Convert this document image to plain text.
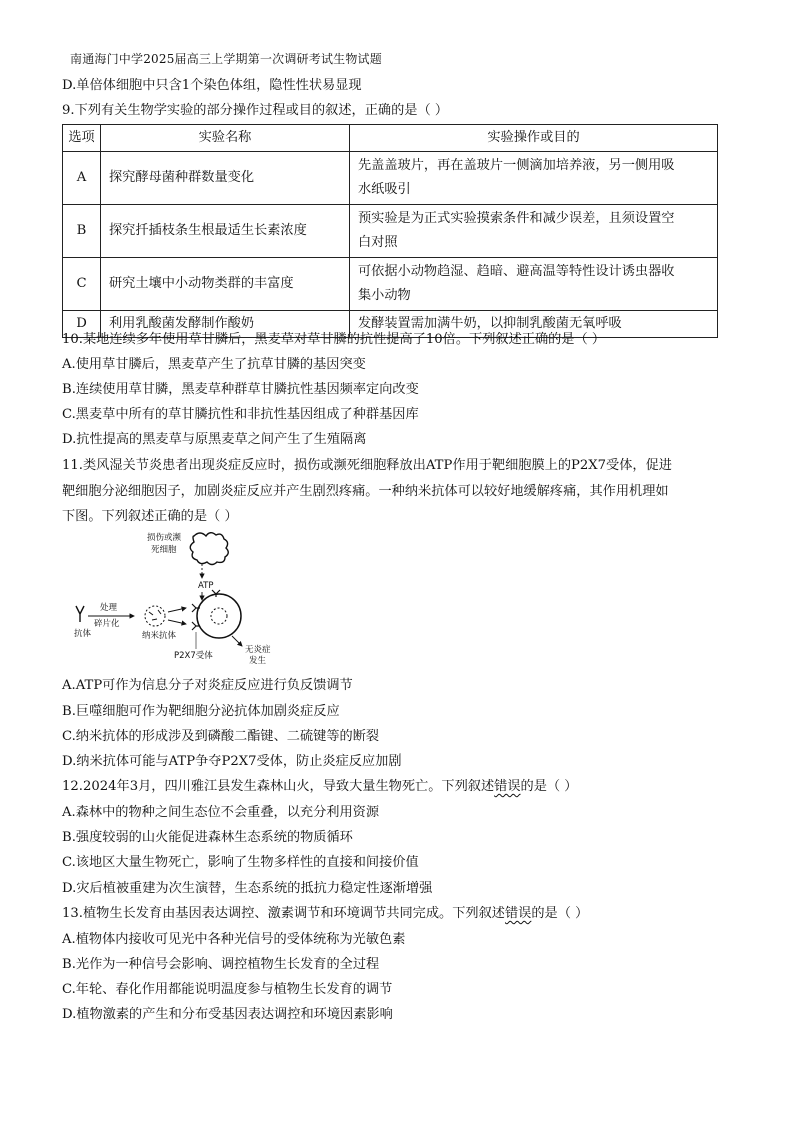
南通海门中学2025届高三上学期第一次调研考试生物试题
D.单倍体细胞中只含1个染色体组，隐性性状易显现
9.下列有关生物学实验的部分操作过程或目的叙述，正确的是（ ）
选项	实验名称	实验操作或目的
A	探究酵母菌种群数量变化	先盖盖玻片，再在盖玻片一侧滴加培养液，另一侧用吸
水纸吸引

B	探究扦插枝条生根最适生长素浓度	预实验是为正式实验摸索条件和减少误差，且须设置空
白对照

C	研究土壤中小动物类群的丰富度	可依据小动物趋湿、趋暗、避高温等特性设计诱虫器收
集小动物

D	利用乳酸菌发酵制作酸奶	发酵装置需加满牛奶，以抑制乳酸菌无氧呼吸
10.某地连续多年使用草甘膦后，黑麦草对草甘膦的抗性提高了10倍。下列叙述正确的是（ ）
A.使用草甘膦后，黑麦草产生了抗草甘膦的基因突变
B.连续使用草甘膦，黑麦草种群草甘膦抗性基因频率定向改变
C.黑麦草中所有的草甘膦抗性和非抗性基因组成了种群基因库
D.抗性提高的黑麦草与原黑麦草之间产生了生殖隔离
11.类风湿关节炎患者出现炎症反应时，损伤或濒死细胞释放出ATP作用于靶细胞膜上的P2X7受体，促进
靶细胞分泌细胞因子，加剧炎症反应并产生剧烈疼痛。一种纳米抗体可以较好地缓解疼痛，其作用机理如
下图。下列叙述正确的是（ ）
损伤或濒
死细胞
ATP
抗体
处理
碎片化
纳米抗体
P2X7受体
无炎症
发生
A.ATP可作为信息分子对炎症反应进行负反馈调节
B.巨噬细胞可作为靶细胞分泌抗体加剧炎症反应
C.纳米抗体的形成涉及到磷酸二酯键、二硫键等的断裂
D.纳米抗体可能与ATP争夺P2X7受体，防止炎症反应加剧
12.2024年3月，四川雅江县发生森林山火，导致大量生物死亡。下列叙述错误的是（ ）
A.森林中的物种之间生态位不会重叠，以充分利用资源
B.强度较弱的山火能促进森林生态系统的物质循环
C.该地区大量生物死亡，影响了生物多样性的直接和间接价值
D.灾后植被重建为次生演替，生态系统的抵抗力稳定性逐渐增强
13.植物生长发育由基因表达调控、激素调节和环境调节共同完成。下列叙述错误的是（ ）
A.植物体内接收可见光中各种光信号的受体统称为光敏色素
B.光作为一种信号会影响、调控植物生长发育的全过程
C.年轮、春化作用都能说明温度参与植物生长发育的调节
D.植物激素的产生和分布受基因表达调控和环境因素影响
